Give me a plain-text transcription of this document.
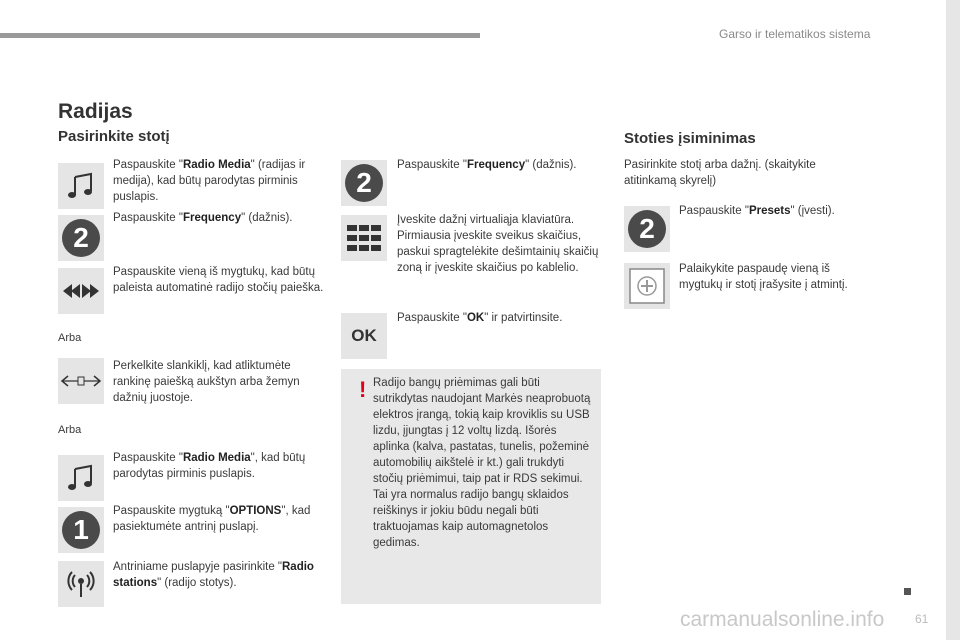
Garso ir telematikos sistema
Radijas
Pasirinkite stotį
Paspauskite "Radio Media" (radijas ir medija), kad būtų parodytas pirminis puslapis.
2
Paspauskite "Frequency" (dažnis).
Paspauskite vieną iš mygtukų, kad būtų paleista automatinė radijo stočių paieška.
Arba
Perkelkite slankiklį, kad atliktumėte rankinę paiešką aukštyn arba žemyn dažnių juostoje.
Arba
Paspauskite "Radio Media", kad būtų parodytas pirminis puslapis.
1
Paspauskite mygtuką "OPTIONS", kad pasiektumėte antrinį puslapį.
Antriniame puslapyje pasirinkite "Radio stations" (radijo stotys).
2
Paspauskite "Frequency" (dažnis).
Įveskite dažnį virtualiąja klaviatūra. Pirmiausia įveskite sveikus skaičius, paskui spragtelėkite dešimtainių skaičių zoną ir įveskite skaičius po kablelio.
OK
Paspauskite "OK" ir patvirtinsite.
! Radijo bangų priėmimas gali būti sutrikdytas naudojant Markės neaprobuotą elektros įrangą, tokią kaip kroviklis su USB lizdu, įjungtas į 12 voltų lizdą. Išorės aplinka (kalva, pastatas, tunelis, požeminė automobilių aikštelė ir kt.) gali trukdyti stočių priėmimui, taip pat ir RDS sekimui. Tai yra normalus radijo bangų sklaidos reiškinys ir jokiu būdu negali būti traktuojamas kaip automagnetolos gedimas.
Stoties įsiminimas
Pasirinkite stotį arba dažnį. (skaitykite atitinkamą skyrelį)
2
Paspauskite "Presets" (įvesti).
Palaikykite paspaudę vieną iš mygtukų ir stotį įrašysite į atmintį.
carmanualsonline.info	61
